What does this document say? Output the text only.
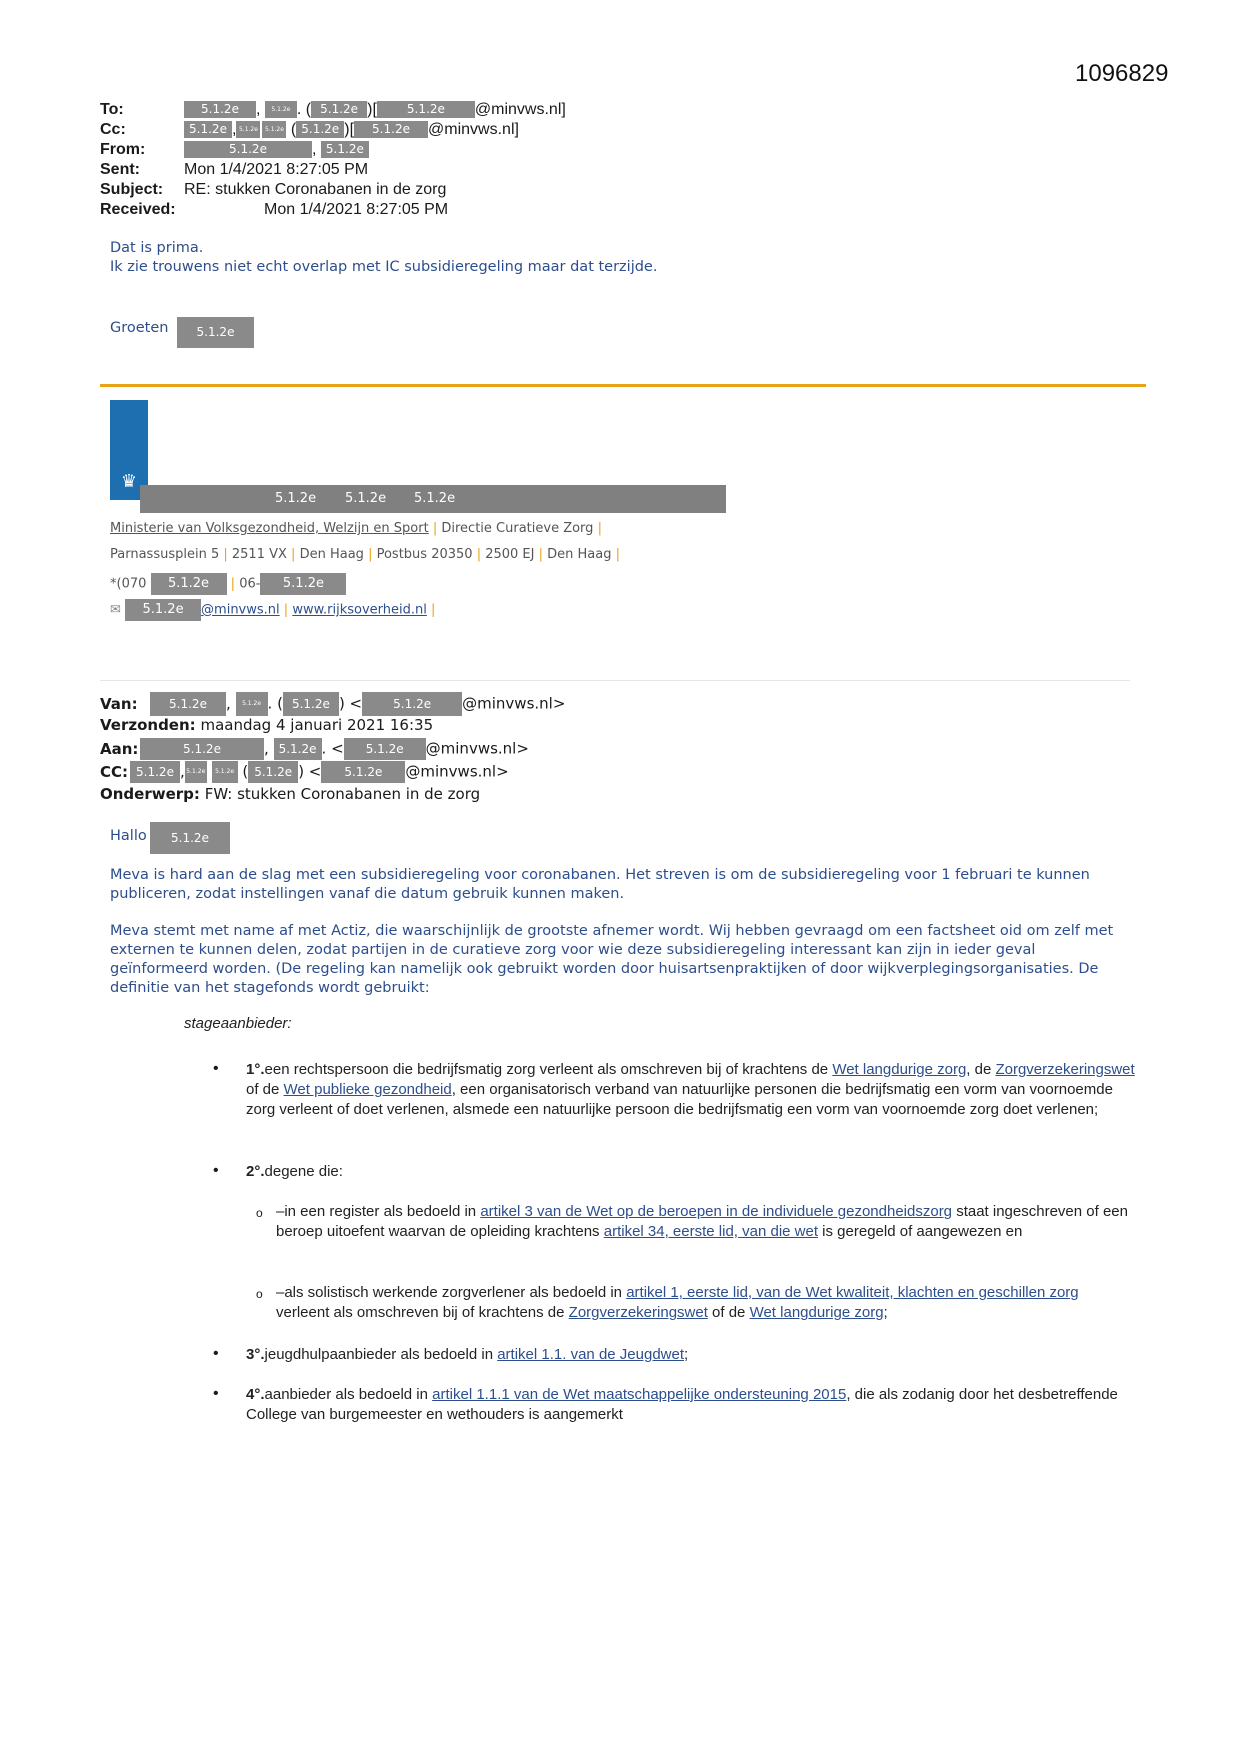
1096829
To:	5.1.2e , 5.1.2e . ( 5.1.2e )[	5.1.2e @minvws.nl]
Cc:	5.1.2e , 5.1.2e 5.1.2e ( 5.1.2e )[ 5.1.2e @minvws.nl]
From:	5.1.2e	, 5.1.2e
Sent:	Mon 1/4/2021 8:27:05 PM
Subject: RE: stukken Coronabanen in de zorg
Received:	Mon 1/4/2021 8:27:05 PM
Dat is prima.
Ik zie trouwens niet echt overlap met IC subsidieregeling maar dat terzijde.
Groeten	5.1.2e
♛
5.1.2e 5.1.2e 5.1.2e
Ministerie van Volksgezondheid, Welzijn en Sport | Directie Curatieve Zorg |
Parnassusplein 5 | 2511 VX | Den Haag | Postbus 20350 | 2500 EJ | Den Haag |
*(070 5.1.2e | 06- 5.1.2e
✉ 5.1.2e @minvws.nl | www.rijksoverheid.nl |
Van:	5.1.2e , 5.1.2e . ( 5.1.2e ) <	5.1.2e @minvws.nl>
Verzonden: maandag 4 januari 2021 16:35
Aan:	5.1.2e	, 5.1.2e . < 5.1.2e @minvws.nl>
CC: 5.1.2e , 5.1.2e 5.1.2e ( 5.1.2e ) < 5.1.2e @minvws.nl>
Onderwerp: FW: stukken Coronabanen in de zorg
Hallo	5.1.2e
Meva is hard aan de slag met een subsidieregeling voor coronabanen. Het streven is om de subsidieregeling voor 1 februari te kunnen publiceren, zodat instellingen vanaf die datum gebruik kunnen maken.
Meva stemt met name af met Actiz, die waarschijnlijk de grootste afnemer wordt. Wij hebben gevraagd om een factsheet oid om zelf met externen te kunnen delen, zodat partijen in de curatieve zorg voor wie deze subsidieregeling interessant kan zijn in ieder geval geïnformeerd worden. (De regeling kan namelijk ook gebruikt worden door huisartsenpraktijken of door wijkverplegingsorganisaties. De definitie van het stagefonds wordt gebruikt:
stageaanbieder:
• 1°.een rechtspersoon die bedrijfsmatig zorg verleent als omschreven bij of krachtens de Wet langdurige zorg, de Zorgverzekeringswet of de Wet publieke gezondheid, een organisatorisch verband van natuurlijke personen die bedrijfsmatig een vorm van voornoemde zorg verleent of doet verlenen, alsmede een natuurlijke persoon die bedrijfsmatig een vorm van voornoemde zorg doet verlenen;
• 2°.degene die:
o –in een register als bedoeld in artikel 3 van de Wet op de beroepen in de individuele gezondheidszorg staat ingeschreven of een beroep uitoefent waarvan de opleiding krachtens artikel 34, eerste lid, van die wet is geregeld of aangewezen en
o –als solistisch werkende zorgverlener als bedoeld in artikel 1, eerste lid, van de Wet kwaliteit, klachten en geschillen zorg verleent als omschreven bij of krachtens de Zorgverzekeringswet of de Wet langdurige zorg;
• 3°.jeugdhulpaanbieder als bedoeld in artikel 1.1. van de Jeugdwet;
• 4°.aanbieder als bedoeld in artikel 1.1.1 van de Wet maatschappelijke ondersteuning 2015, die als zodanig door het desbetreffende College van burgemeester en wethouders is aangemerkt
